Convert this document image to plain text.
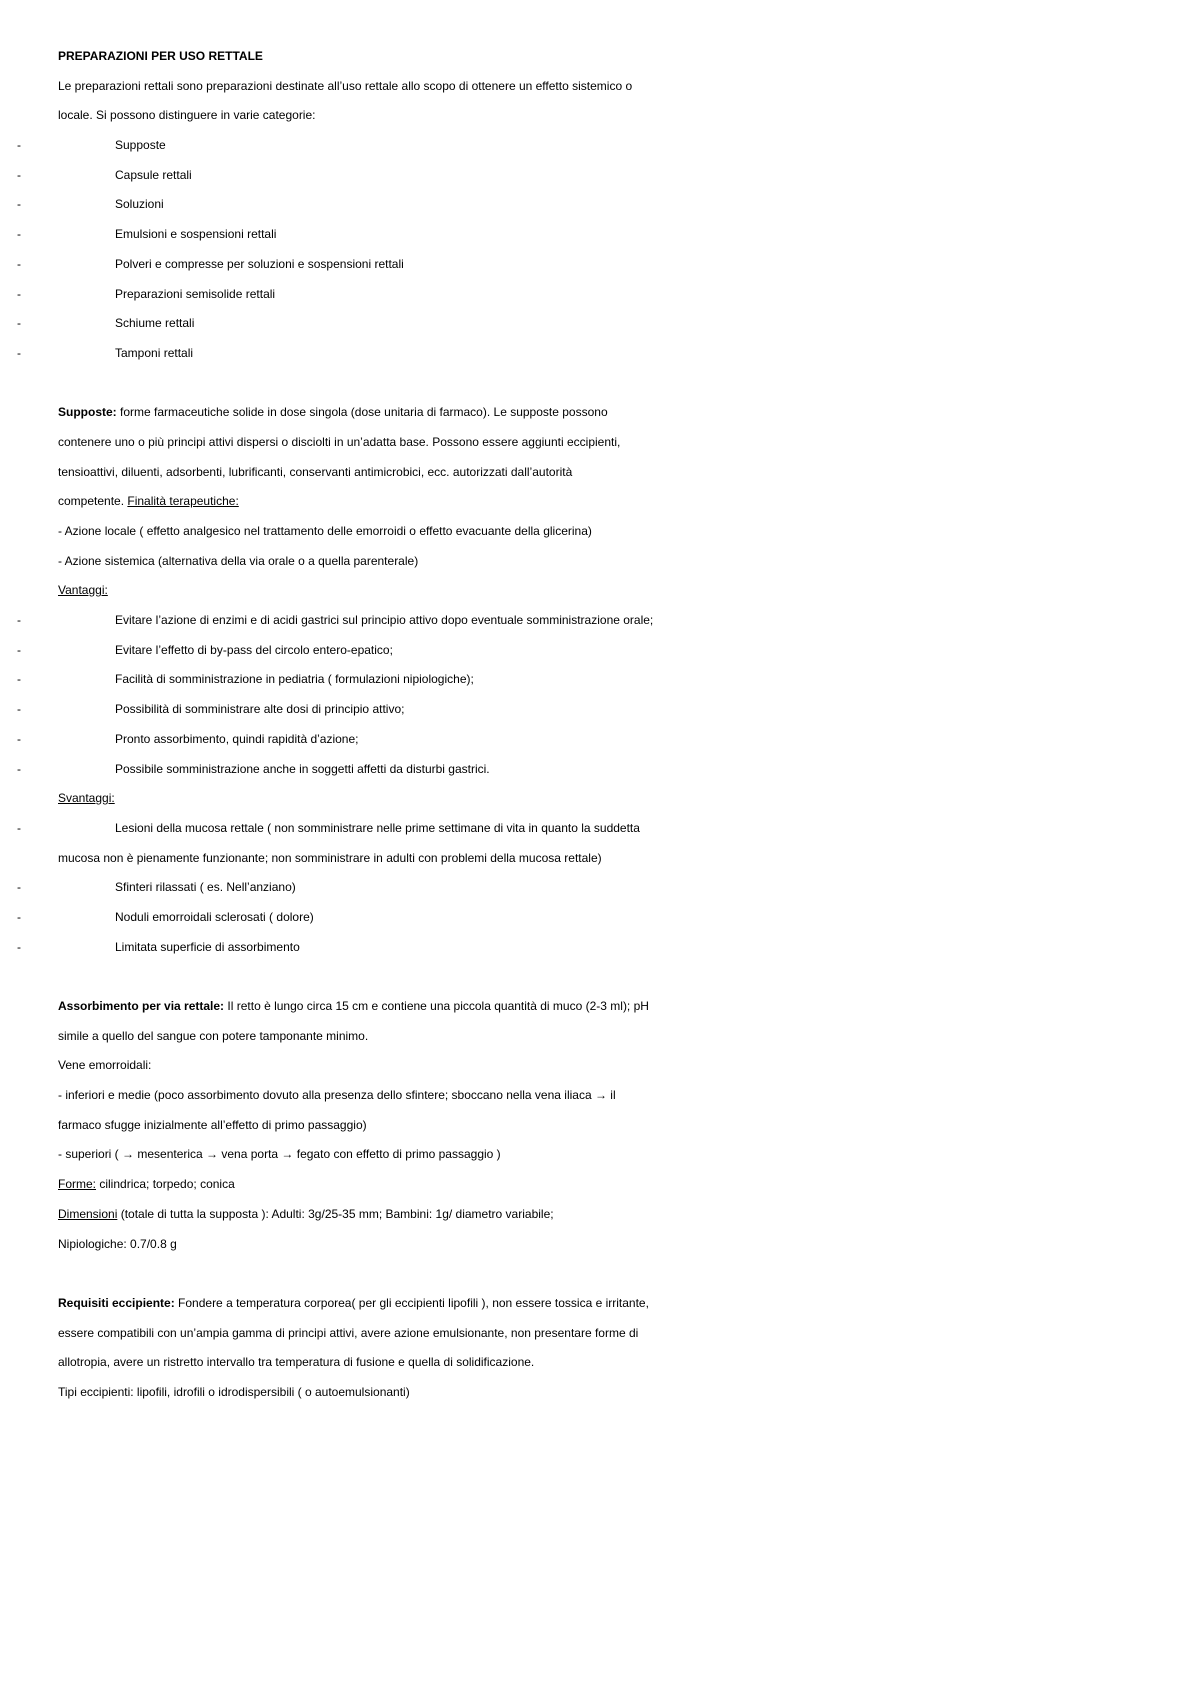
PREPARAZIONI PER USO RETTALE
Le preparazioni rettali sono preparazioni destinate all’uso rettale allo scopo di ottenere un effetto sistemico o
locale. Si possono distinguere in varie categorie:
-	Supposte
-	Capsule rettali
-	Soluzioni
-	Emulsioni e sospensioni rettali
-	Polveri e compresse per soluzioni e sospensioni rettali
-	Preparazioni semisolide rettali
-	Schiume rettali
-	Tamponi rettali
Supposte: forme farmaceutiche solide in dose singola (dose unitaria di farmaco). Le supposte possono
contenere uno o più principi attivi dispersi o disciolti in un’adatta base. Possono essere aggiunti eccipienti,
tensioattivi, diluenti, adsorbenti, lubrificanti, conservanti antimicrobici, ecc. autorizzati dall’autorità
competente. Finalità terapeutiche:
- Azione locale ( effetto analgesico nel trattamento delle emorroidi o effetto evacuante della glicerina)
- Azione sistemica (alternativa della via orale o a quella parenterale)
Vantaggi:
-	Evitare l’azione di enzimi e di acidi gastrici sul principio attivo dopo eventuale somministrazione orale;
-	Evitare l’effetto di by-pass del circolo entero-epatico;
-	Facilità di somministrazione in pediatria ( formulazioni nipiologiche);
-	Possibilità di somministrare alte dosi di principio attivo;
-	Pronto assorbimento, quindi rapidità d’azione;
-	Possibile somministrazione anche in soggetti affetti da disturbi gastrici.
Svantaggi:
-	Lesioni della mucosa rettale ( non somministrare nelle prime settimane di vita in quanto la suddetta
mucosa non è pienamente funzionante; non somministrare in adulti con problemi della mucosa rettale)
-	Sfinteri rilassati ( es. Nell’anziano)
-	Noduli emorroidali sclerosati ( dolore)
-	Limitata superficie di assorbimento
Assorbimento per via rettale: Il retto è lungo circa 15 cm e contiene una piccola quantità di muco (2-3 ml); pH
simile a quello del sangue con potere tamponante minimo.
Vene emorroidali:
- inferiori e medie (poco assorbimento dovuto alla presenza dello sfintere; sboccano nella vena iliaca → il
farmaco sfugge inizialmente all’effetto di primo passaggio)
- superiori ( → mesenterica → vena porta → fegato con effetto di primo passaggio )
Forme: cilindrica; torpedo; conica
Dimensioni (totale di tutta la supposta ): Adulti: 3g/25-35 mm; Bambini: 1g/ diametro variabile;
Nipiologiche: 0.7/0.8 g
Requisiti eccipiente: Fondere a temperatura corporea( per gli eccipienti lipofili ), non essere tossica e irritante,
essere compatibili con un’ampia gamma di principi attivi, avere azione emulsionante, non presentare forme di
allotropia, avere un ristretto intervallo tra temperatura di fusione e quella di solidificazione.
Tipi eccipienti: lipofili, idrofili o idrodispersibili ( o autoemulsionanti)
